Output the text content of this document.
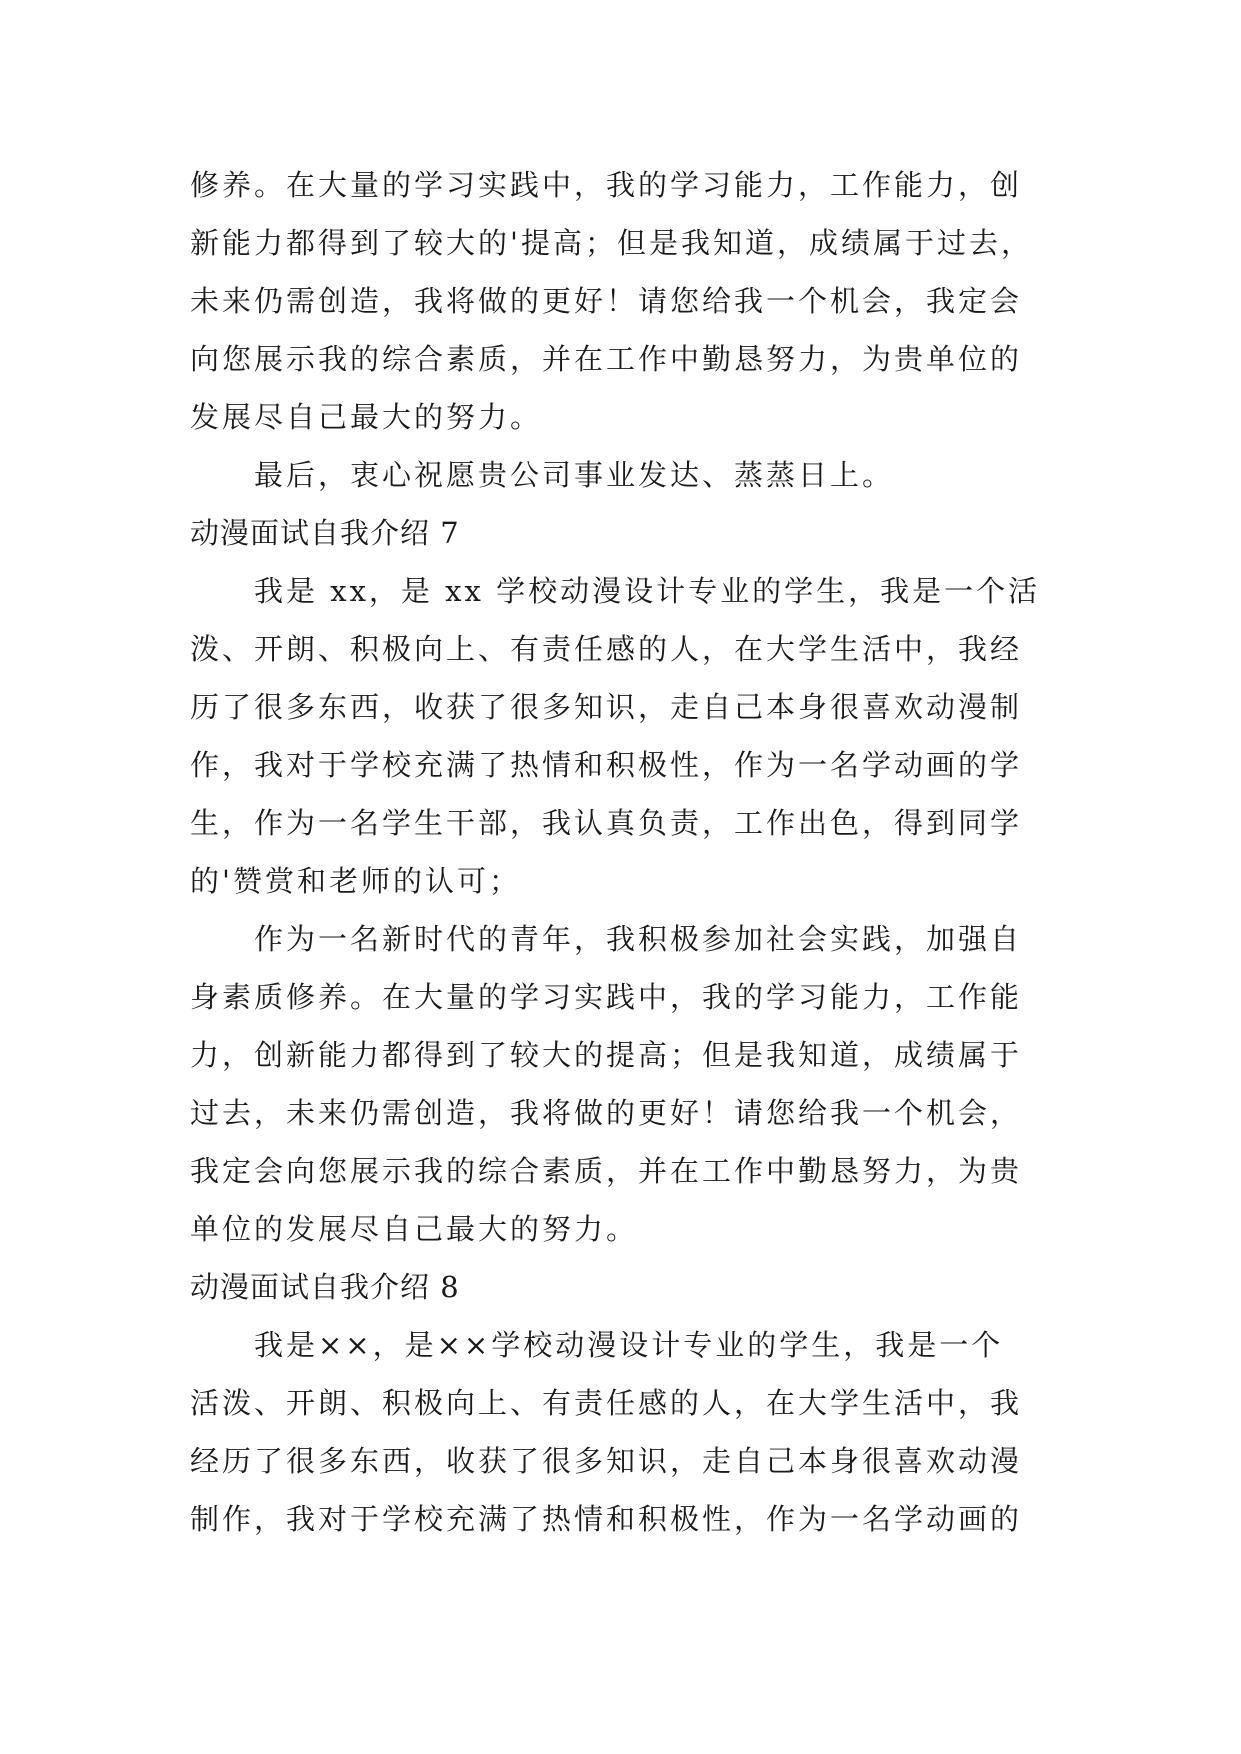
修养。在大量的学习实践中，我的学习能力，工作能力，创
新能力都得到了较大的'提高；但是我知道，成绩属于过去，
未来仍需创造，我将做的更好！请您给我一个机会，我定会
向您展示我的综合素质，并在工作中勤恳努力，为贵单位的
发展尽自己最大的努力。
最后，衷心祝愿贵公司事业发达、蒸蒸日上。
动漫面试自我介绍 7
我是 xx，是 xx 学校动漫设计专业的学生，我是一个活
泼、开朗、积极向上、有责任感的人，在大学生活中，我经
历了很多东西，收获了很多知识，走自己本身很喜欢动漫制
作，我对于学校充满了热情和积极性，作为一名学动画的学
生，作为一名学生干部，我认真负责，工作出色，得到同学
的'赞赏和老师的认可；
作为一名新时代的青年，我积极参加社会实践，加强自
身素质修养。在大量的学习实践中，我的学习能力，工作能
力，创新能力都得到了较大的提高；但是我知道，成绩属于
过去，未来仍需创造，我将做的更好！请您给我一个机会，
我定会向您展示我的综合素质，并在工作中勤恳努力，为贵
单位的发展尽自己最大的努力。
动漫面试自我介绍 8
我是××，是××学校动漫设计专业的学生，我是一个
活泼、开朗、积极向上、有责任感的人，在大学生活中，我
经历了很多东西，收获了很多知识，走自己本身很喜欢动漫
制作，我对于学校充满了热情和积极性，作为一名学动画的
